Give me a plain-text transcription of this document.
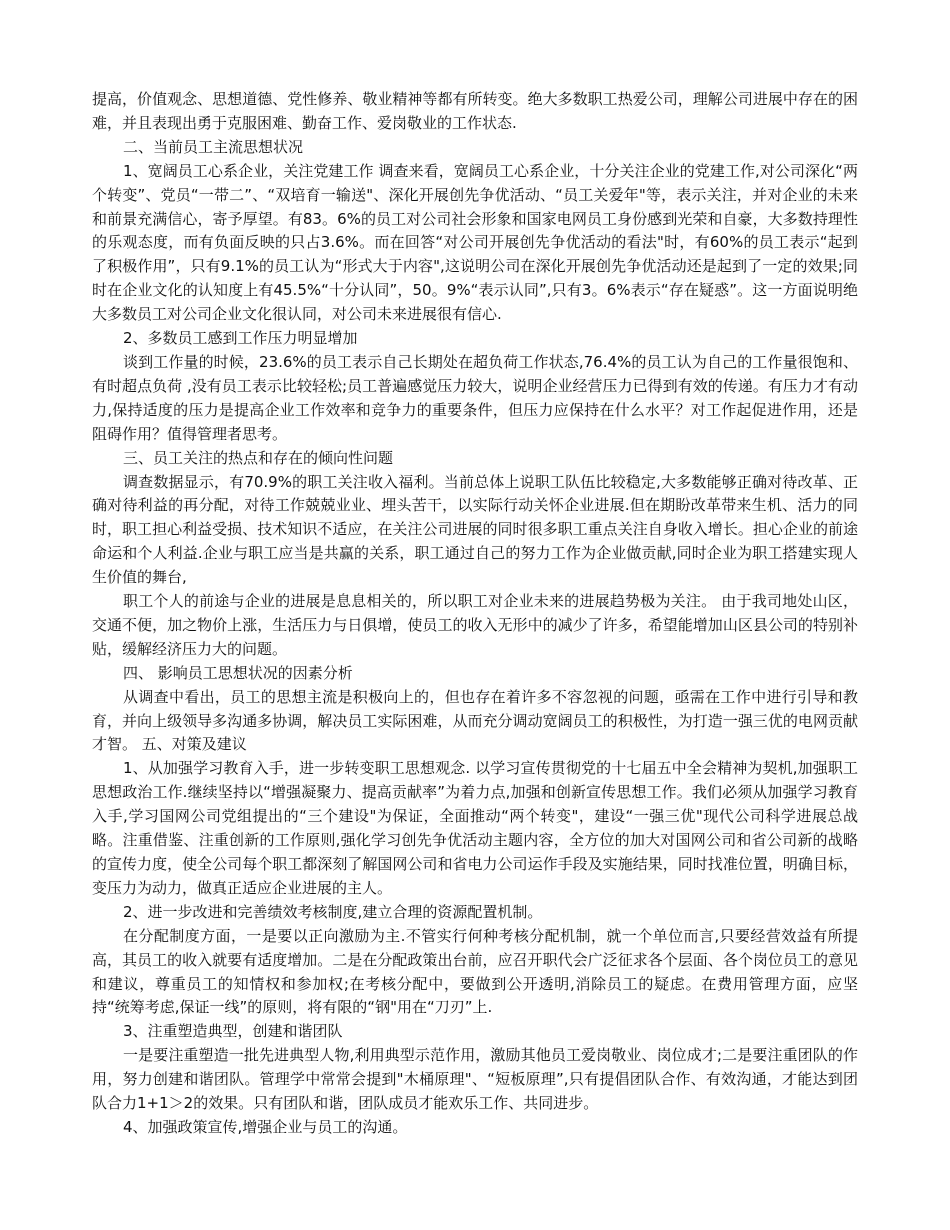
提高，价值观念、思想道德、党性修养、敬业精神等都有所转变。绝大多数职工热爱公司，理解公司进展中存在的困难，并且表现出勇于克服困难、勤奋工作、爱岗敬业的工作状态.

二、当前员工主流思想状况

1、宽阔员工心系企业，关注党建工作 调查来看，宽阔员工心系企业，十分关注企业的党建工作,对公司深化“两个转变”、党员“一带二”、“双培育一输送"、深化开展创先争优活动、“员工关爱年"等，表示关注，并对企业的未来和前景充满信心，寄予厚望。有83。6%的员工对公司社会形象和国家电网员工身份感到光荣和自豪，大多数持理性的乐观态度，而有负面反映的只占3.6%。而在回答“对公司开展创先争优活动的看法"时，有60%的员工表示“起到了积极作用”，只有9.1%的员工认为“形式大于内容",这说明公司在深化开展创先争优活动还是起到了一定的效果;同时在企业文化的认知度上有45.5%“十分认同”，50。9%“表示认同”,只有3。6%表示“存在疑惑”。这一方面说明绝大多数员工对公司企业文化很认同，对公司未来进展很有信心.

2、多数员工感到工作压力明显增加

谈到工作量的时候，23.6%的员工表示自己长期处在超负荷工作状态,76.4%的员工认为自己的工作量很饱和、有时超点负荷 ,没有员工表示比较轻松;员工普遍感觉压力较大，说明企业经营压力已得到有效的传递。有压力才有动力,保持适度的压力是提高企业工作效率和竞争力的重要条件，但压力应保持在什么水平？对工作起促进作用，还是阻碍作用？值得管理者思考。

三、员工关注的热点和存在的倾向性问题

调查数据显示，有70.9%的职工关注收入福利。当前总体上说职工队伍比较稳定,大多数能够正确对待改革、正确对待利益的再分配，对待工作兢兢业业、埋头苦干，以实际行动关怀企业进展.但在期盼改革带来生机、活力的同时，职工担心利益受损、技术知识不适应，在关注公司进展的同时很多职工重点关注自身收入增长。担心企业的前途命运和个人利益.企业与职工应当是共赢的关系，职工通过自己的努力工作为企业做贡献,同时企业为职工搭建实现人生价值的舞台,

职工个人的前途与企业的进展是息息相关的，所以职工对企业未来的进展趋势极为关注。 由于我司地处山区，交通不便，加之物价上涨，生活压力与日俱增，使员工的收入无形中的减少了许多，希望能增加山区县公司的特别补贴，缓解经济压力大的问题。

四、 影响员工思想状况的因素分析

从调查中看出，员工的思想主流是积极向上的，但也存在着许多不容忽视的问题，亟需在工作中进行引导和教育，并向上级领导多沟通多协调，解决员工实际困难，从而充分调动宽阔员工的积极性，为打造一强三优的电网贡献才智。 五、对策及建议

1、从加强学习教育入手，进一步转变职工思想观念. 以学习宣传贯彻党的十七届五中全会精神为契机,加强职工思想政治工作.继续坚持以“增强凝聚力、提高贡献率”为着力点,加强和创新宣传思想工作。我们必须从加强学习教育入手,学习国网公司党组提出的“三个建设"为保证，全面推动“两个转变"，建设“一强三优"现代公司科学进展总战略。注重借鉴、注重创新的工作原则,强化学习创先争优活动主题内容，全方位的加大对国网公司和省公司新的战略的宣传力度，使全公司每个职工都深刻了解国网公司和省电力公司运作手段及实施结果，同时找准位置，明确目标，变压力为动力，做真正适应企业进展的主人。

2、进一步改进和完善绩效考核制度,建立合理的资源配置机制。

在分配制度方面，一是要以正向激励为主.不管实行何种考核分配机制，就一个单位而言,只要经营效益有所提高，其员工的收入就要有适度增加。二是在分配政策出台前，应召开职代会广泛征求各个层面、各个岗位员工的意见和建议，尊重员工的知情权和参加权;在考核分配中，要做到公开透明,消除员工的疑虑。在费用管理方面，应坚持“统筹考虑,保证一线”的原则，将有限的“钢"用在“刀刃”上.

3、注重塑造典型，创建和谐团队

一是要注重塑造一批先进典型人物,利用典型示范作用，激励其他员工爱岗敬业、岗位成才;二是要注重团队的作用，努力创建和谐团队。管理学中常常会提到"木桶原理"、“短板原理”,只有提倡团队合作、有效沟通，才能达到团队合力1+1＞2的效果。只有团队和谐，团队成员才能欢乐工作、共同进步。

4、加强政策宣传,增强企业与员工的沟通。
